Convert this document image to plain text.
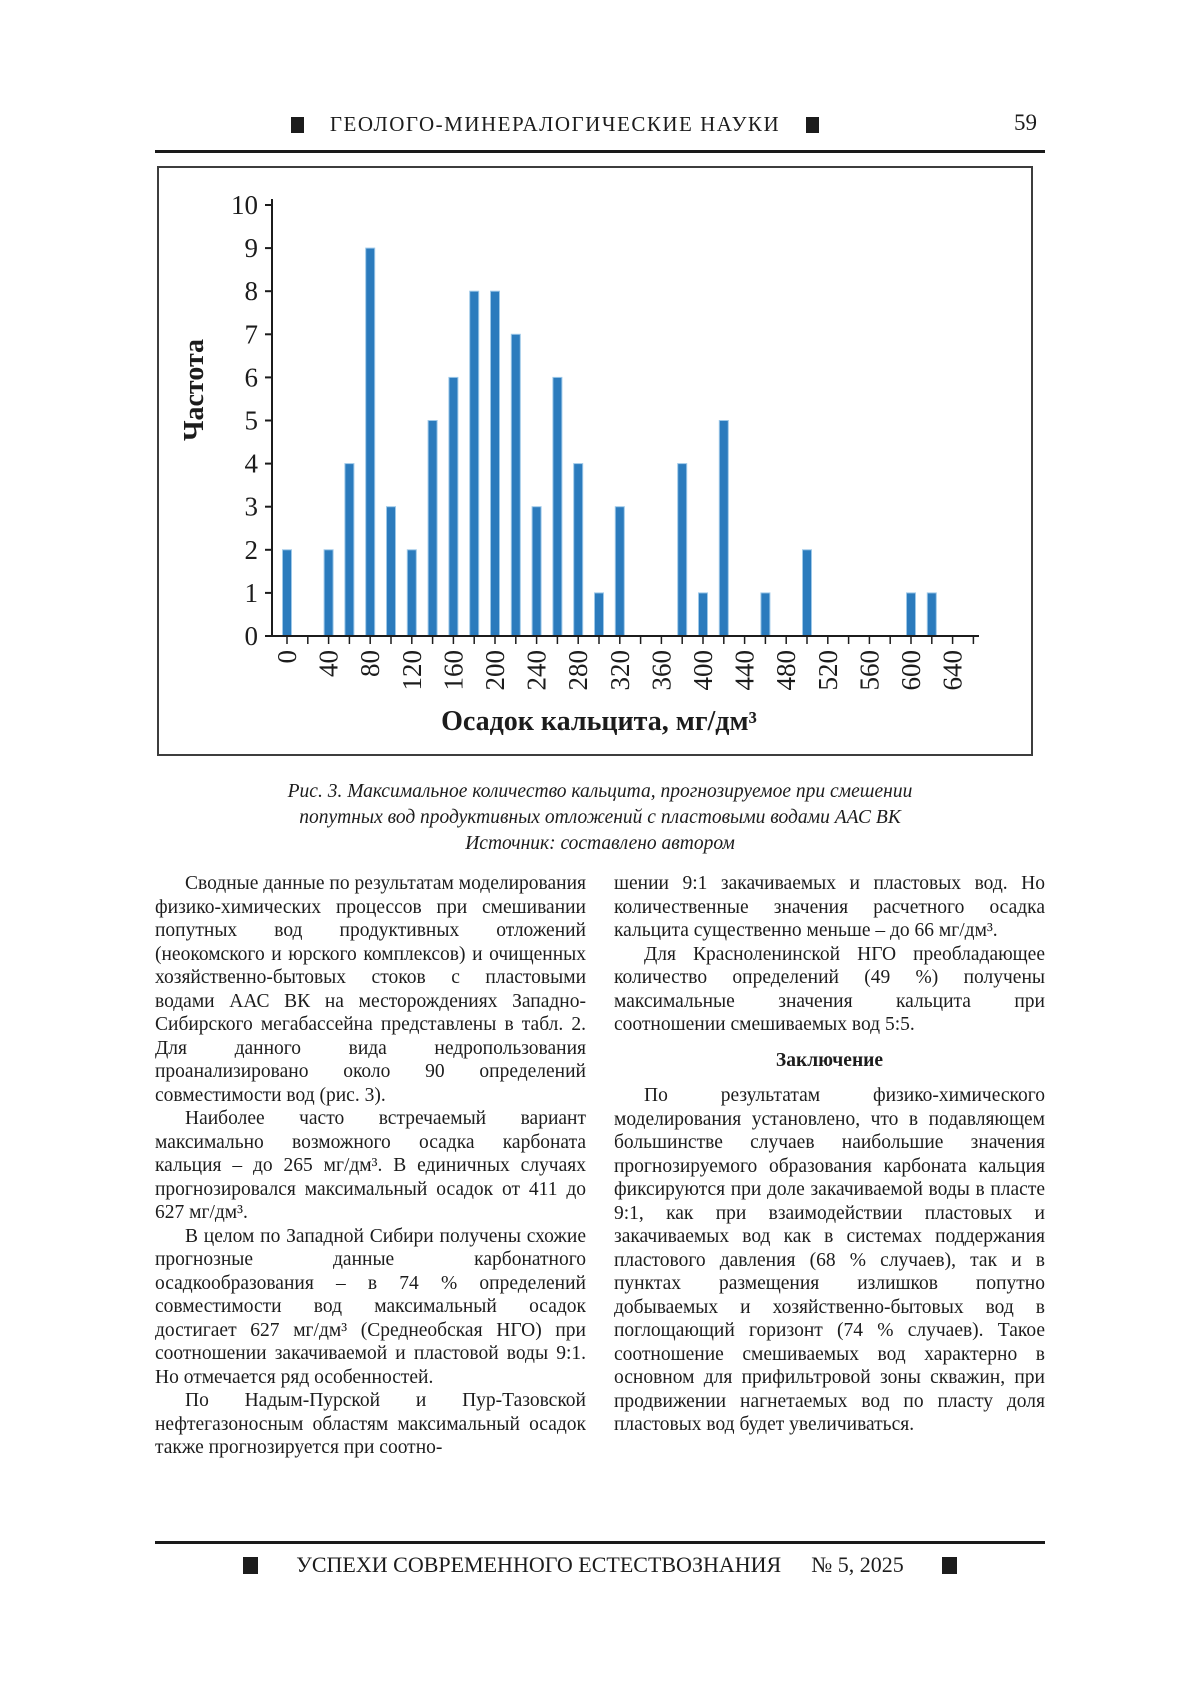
ГЕОЛОГО-МИНЕРАЛОГИЧЕСКИЕ НАУКИ	59
0
1
2
3
4
5
6
7
8
9
10
0 40 80 120 160 200 240 280 320 360 400 440 480 520 560 600 640
Частота
Осадок кальцита, мг/дм³
Рис. 3. Максимальное количество кальцита, прогнозируемое при смешении
попутных вод продуктивных отложений с пластовыми водами ААС ВК
Источник: составлено автором

Сводные данные по результатам моделирования физико-химических процессов при смешивании попутных вод продуктивных отложений (неокомского и юрского комплексов) и очищенных хозяйственно-бытовых стоков с пластовыми водами ААС ВК на месторождениях Западно-Сибирского мегабассейна представлены в табл. 2. Для данного вида недропользования проанализировано около 90 определений совместимости вод (рис. 3).

Наиболее часто встречаемый вариант максимально возможного осадка карбоната кальция – до 265 мг/дм³. В единичных случаях прогнозировался максимальный осадок от 411 до 627 мг/дм³.

В целом по Западной Сибири получены схожие прогнозные данные карбонатного осадкообразования – в 74 % определений совместимости вод максимальный осадок достигает 627 мг/дм³ (Среднеобская НГО) при соотношении закачиваемой и пластовой воды 9:1. Но отмечается ряд особенностей.

По Надым-Пурской и Пур-Тазовской нефтегазоносным областям максимальный осадок также прогнозируется при соотно-

шении 9:1 закачиваемых и пластовых вод. Но количественные значения расчетного осадка кальцита существенно меньше – до 66 мг/дм³.

Для Красноленинской НГО преобладающее количество определений (49 %) получены максимальные значения кальцита при соотношении смешиваемых вод 5:5.

Заключение

По результатам физико-химического моделирования установлено, что в подавляющем большинстве случаев наибольшие значения прогнозируемого образования карбоната кальция фиксируются при доле закачиваемой воды в пласте 9:1, как при взаимодействии пластовых и закачиваемых вод как в системах поддержания пластового давления (68 % случаев), так и в пунктах размещения излишков попутно добываемых и хозяйственно-бытовых вод в поглощающий горизонт (74 % случаев). Такое соотношение смешиваемых вод характерно в основном для прифильтровой зоны скважин, при продвижении нагнетаемых вод по пласту доля пластовых вод будет увеличиваться.

УСПЕХИ СОВРЕМЕННОГО ЕСТЕСТВОЗНАНИЯ № 5, 2025
